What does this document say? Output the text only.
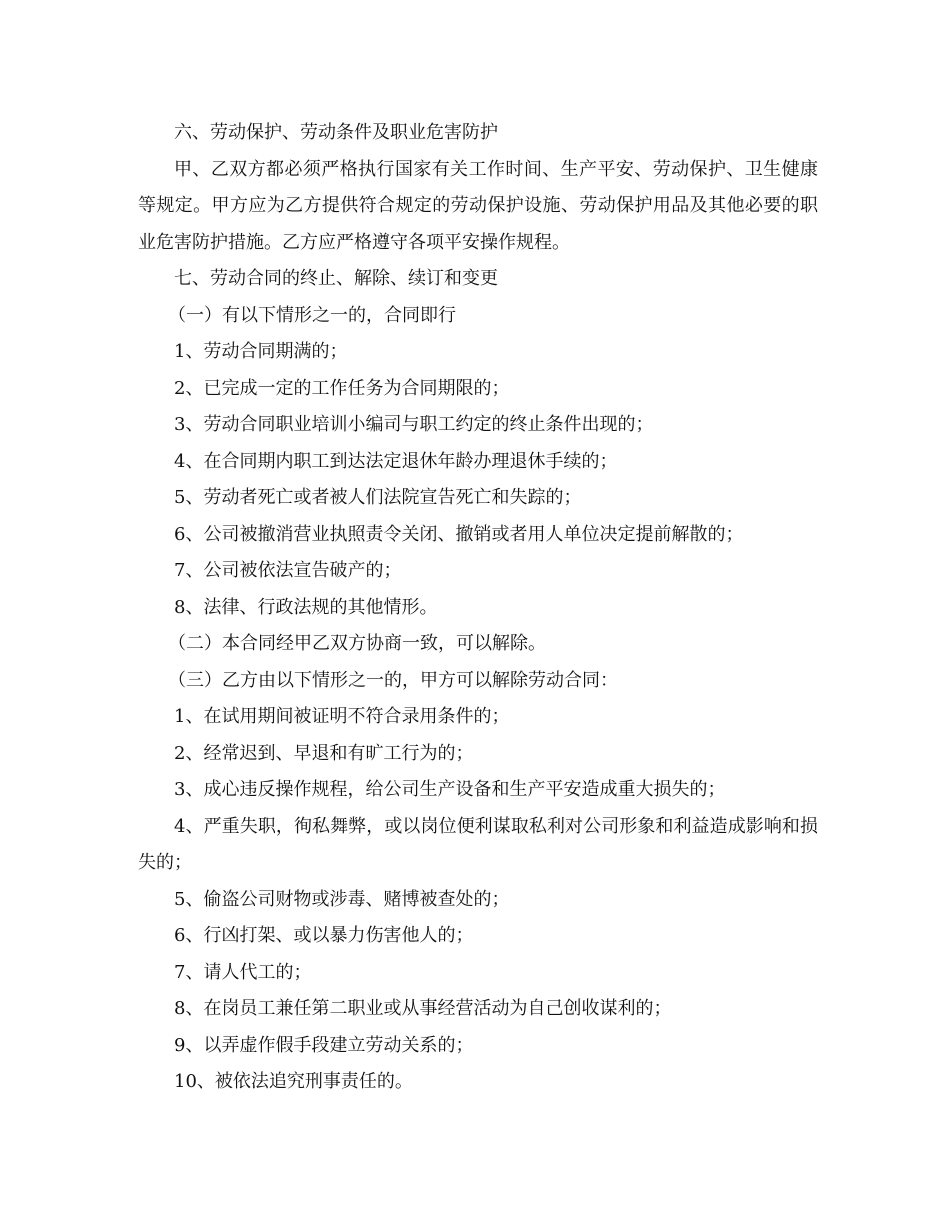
六、劳动保护、劳动条件及职业危害防护

甲、乙双方都必须严格执行国家有关工作时间、生产平安、劳动保护、卫生健康等规定。甲方应为乙方提供符合规定的劳动保护设施、劳动保护用品及其他必要的职业危害防护措施。乙方应严格遵守各项平安操作规程。

七、劳动合同的终止、解除、续订和变更

（一）有以下情形之一的，合同即行

1、劳动合同期满的；

2、已完成一定的工作任务为合同期限的；

3、劳动合同职业培训小编司与职工约定的终止条件出现的；

4、在合同期内职工到达法定退休年龄办理退休手续的；

5、劳动者死亡或者被人们法院宣告死亡和失踪的；

6、公司被撤消营业执照责令关闭、撤销或者用人单位决定提前解散的；

7、公司被依法宣告破产的；

8、法律、行政法规的其他情形。

（二）本合同经甲乙双方协商一致，可以解除。

（三）乙方由以下情形之一的，甲方可以解除劳动合同：

1、在试用期间被证明不符合录用条件的；

2、经常迟到、早退和有旷工行为的；

3、成心违反操作规程，给公司生产设备和生产平安造成重大损失的；

4、严重失职，徇私舞弊，或以岗位便利谋取私利对公司形象和利益造成影响和损失的；

5、偷盗公司财物或涉毒、赌博被查处的；

6、行凶打架、或以暴力伤害他人的；

7、请人代工的；

8、在岗员工兼任第二职业或从事经营活动为自己创收谋利的；

9、以弄虚作假手段建立劳动关系的；

10、被依法追究刑事责任的。
